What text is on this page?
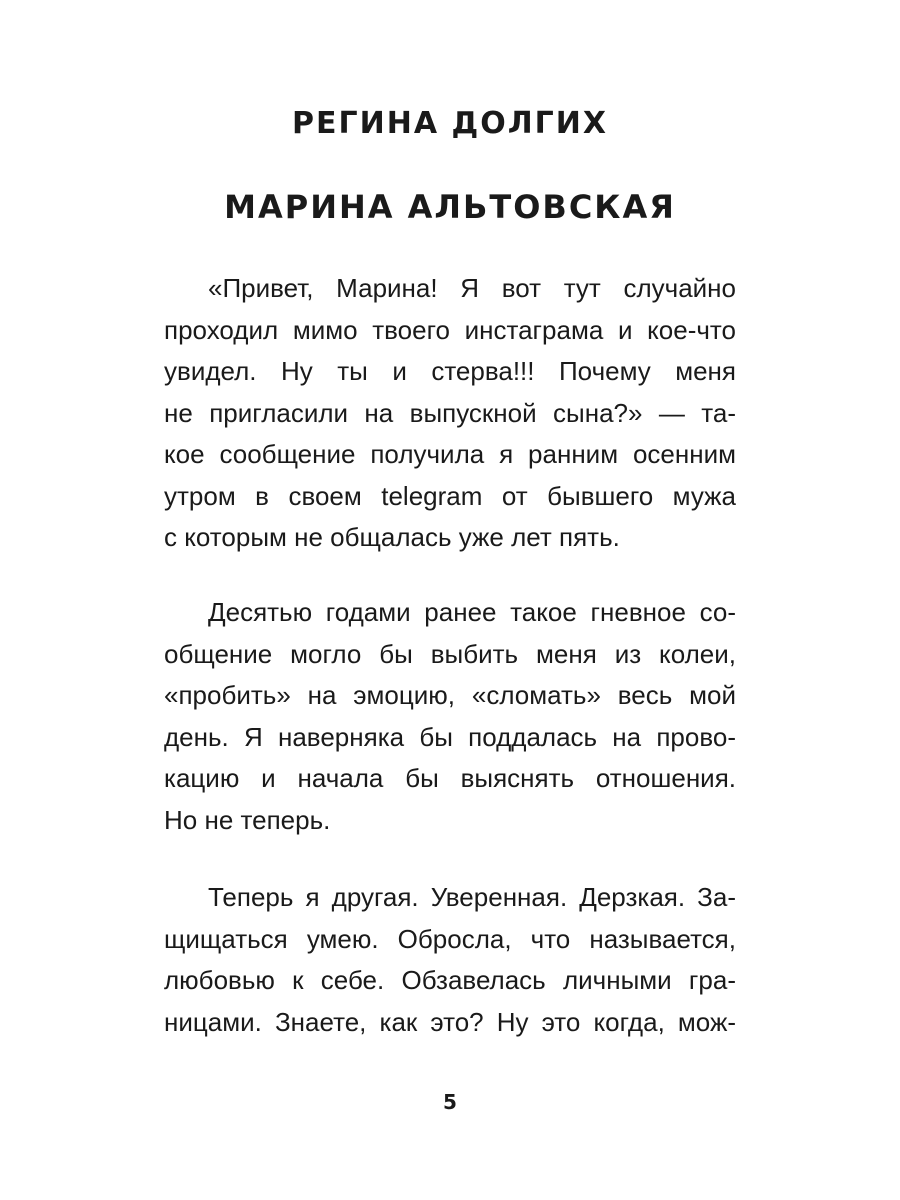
РЕГИНА ДОЛГИХ
МАРИНА АЛЬТОВСКАЯ
«Привет, Марина! Я вот тут случайно
проходил мимо твоего инстаграма и кое-что
увидел. Ну ты и стерва!!! Почему меня
не пригласили на выпускной сына?» — та-
кое сообщение получила я ранним осенним
утром в своем telegram от бывшего мужа
с которым не общалась уже лет пять.
Десятью годами ранее такое гневное со-
общение могло бы выбить меня из колеи,
«пробить» на эмоцию, «сломать» весь мой
день. Я наверняка бы поддалась на прово-
кацию и начала бы выяснять отношения.
Но не теперь.
Теперь я другая. Уверенная. Дерзкая. За-
щищаться умею. Обросла, что называется,
любовью к себе. Обзавелась личными гра-
ницами. Знаете, как это? Ну это когда, мож-
5
